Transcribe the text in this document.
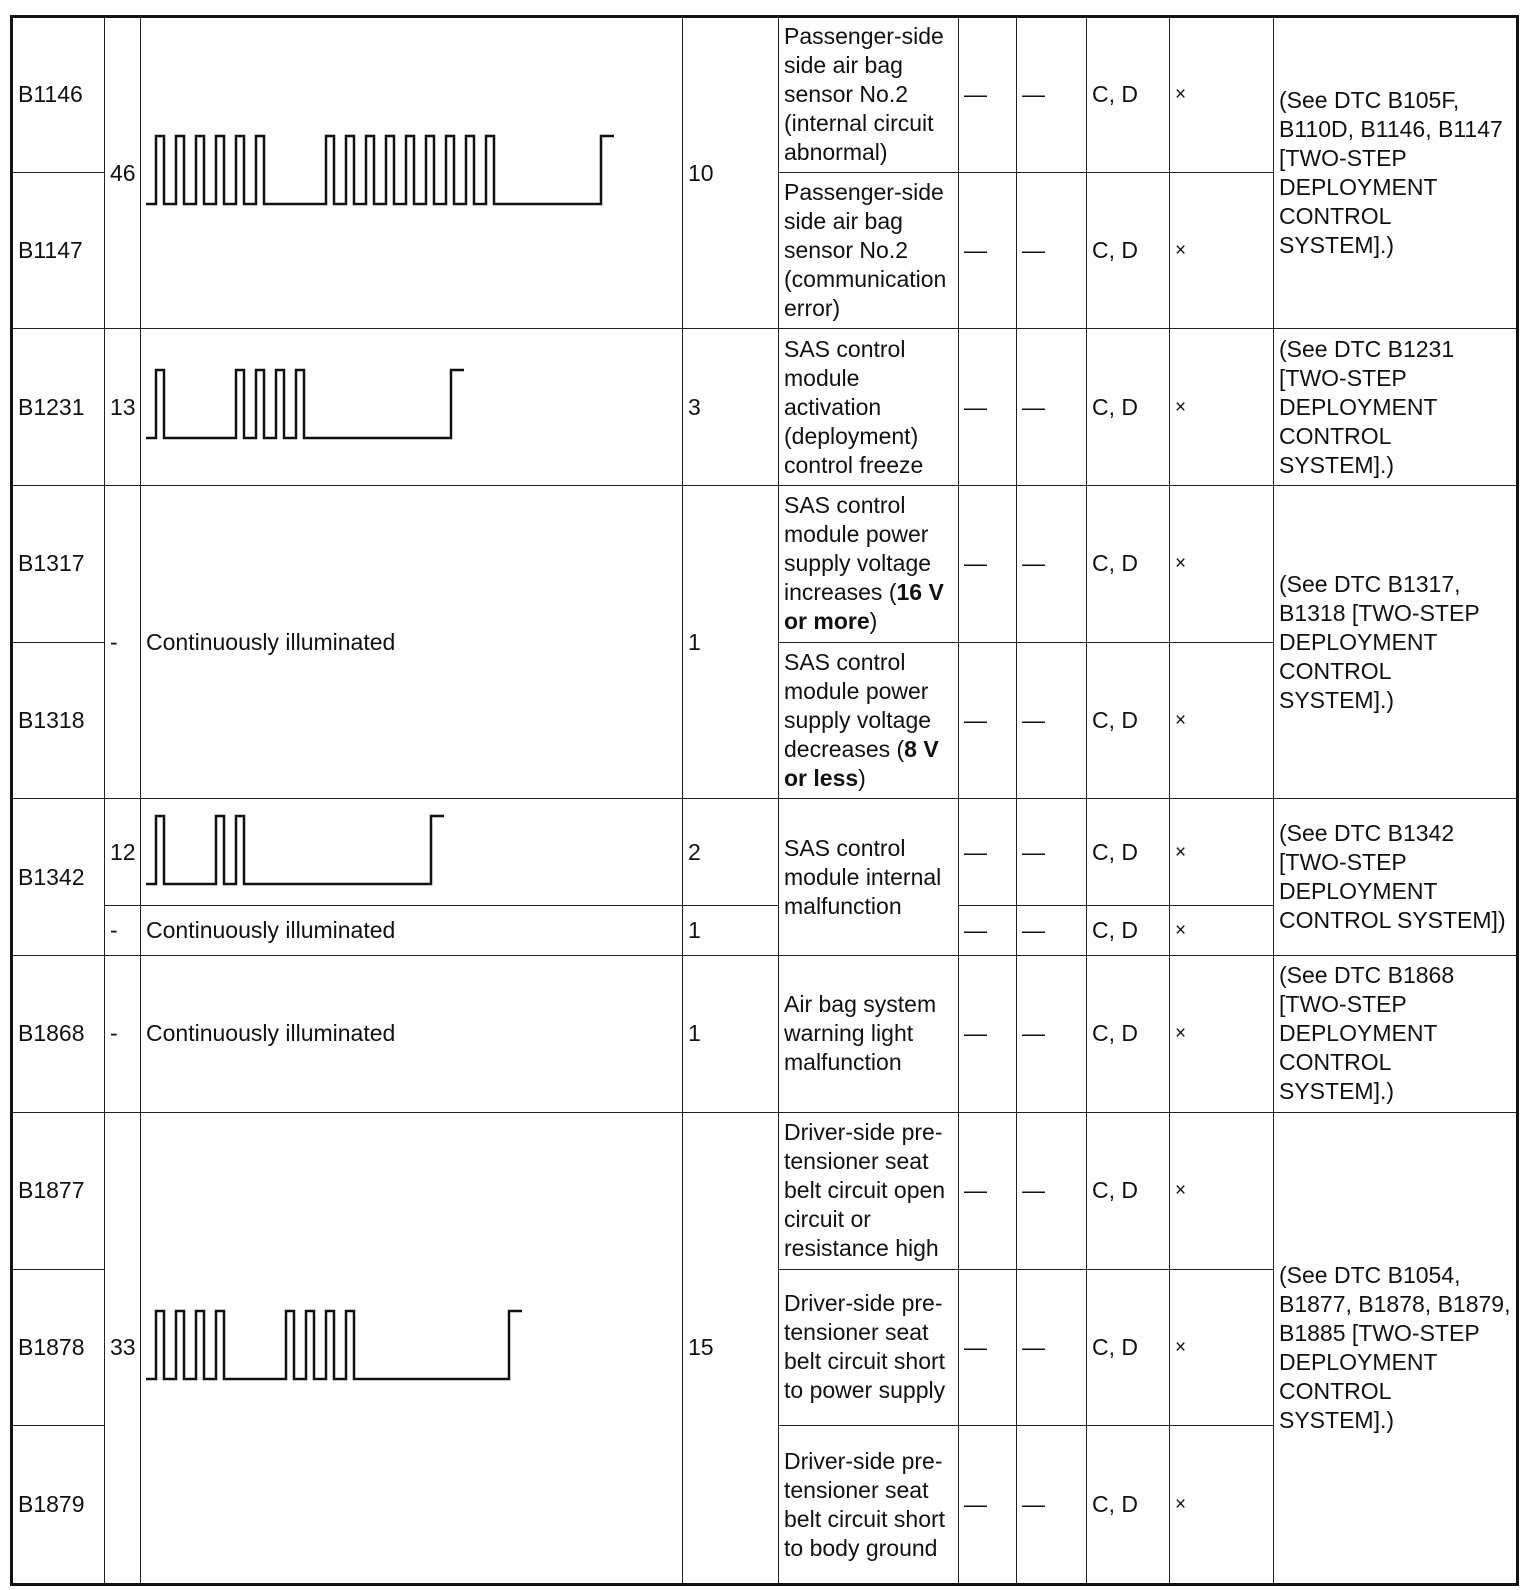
B1146	46		10	Passenger-side side air bag sensor No.2 (internal circuit abnormal)	—	—	C, D	×	(See DTC B105F, B110D, B1146, B1147 [TWO-STEP DEPLOYMENT CONTROL SYSTEM].)
B1147				Passenger-side side air bag sensor No.2 (communication error)	—	—	C, D	×	
B1231	13		3	SAS control module activation (deployment) control freeze	—	—	C, D	×	(See DTC B1231 [TWO-STEP DEPLOYMENT CONTROL SYSTEM].)
B1317	-	Continuously illuminated	1	SAS control module power supply voltage increases (16 V or more)	—	—	C, D	×	(See DTC B1317, B1318 [TWO-STEP DEPLOYMENT CONTROL SYSTEM].)
B1318				SAS control module power supply voltage decreases (8 V or less)	—	—	C, D	×	
B1342	12		2	SAS control module internal malfunction	—	—	C, D	×	(See DTC B1342 [TWO-STEP DEPLOYMENT CONTROL SYSTEM])
	-	Continuously illuminated	1		—	—	C, D	×	
B1868	-	Continuously illuminated	1	Air bag system warning light malfunction	—	—	C, D	×	(See DTC B1868 [TWO-STEP DEPLOYMENT CONTROL SYSTEM].)
B1877	33		15	Driver-side pre-tensioner seat belt circuit open circuit or resistance high	—	—	C, D	×	(See DTC B1054, B1877, B1878, B1879, B1885 [TWO-STEP DEPLOYMENT CONTROL SYSTEM].)
B1878				Driver-side pre-tensioner seat belt circuit short to power supply	—	—	C, D	×	
B1879				Driver-side pre-tensioner seat belt circuit short to body ground	—	—	C, D	×	
